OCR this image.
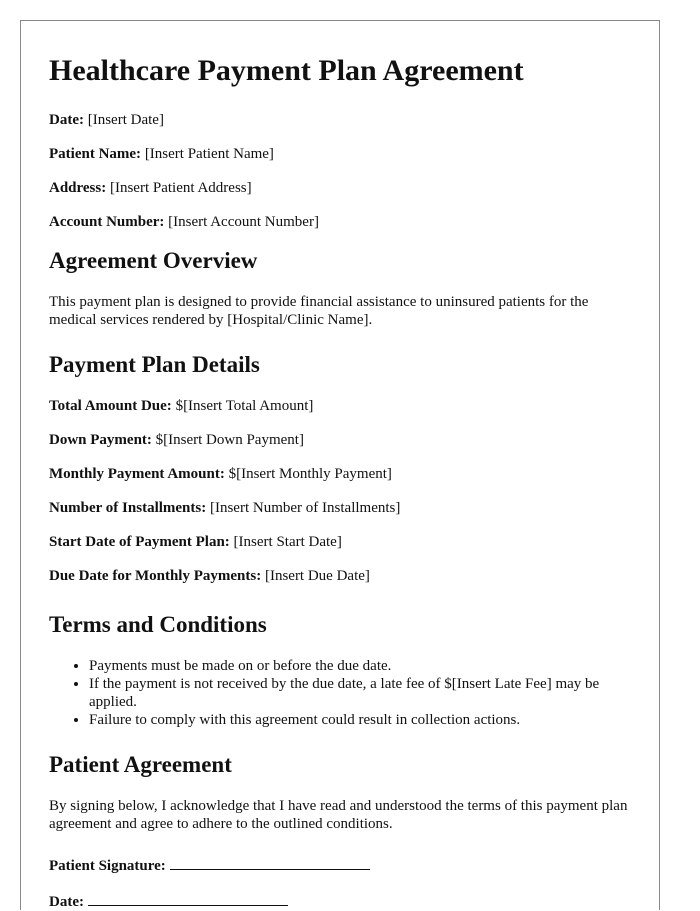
Healthcare Payment Plan Agreement
Date: [Insert Date]
Patient Name: [Insert Patient Name]
Address: [Insert Patient Address]
Account Number: [Insert Account Number]
Agreement Overview
This payment plan is designed to provide financial assistance to uninsured patients for the medical services rendered by [Hospital/Clinic Name].
Payment Plan Details
Total Amount Due: $[Insert Total Amount]
Down Payment: $[Insert Down Payment]
Monthly Payment Amount: $[Insert Monthly Payment]
Number of Installments: [Insert Number of Installments]
Start Date of Payment Plan: [Insert Start Date]
Due Date for Monthly Payments: [Insert Due Date]
Terms and Conditions
• Payments must be made on or before the due date.
• If the payment is not received by the due date, a late fee of $[Insert Late Fee] may be applied.
• Failure to comply with this agreement could result in collection actions.
Patient Agreement
By signing below, I acknowledge that I have read and understood the terms of this payment plan agreement and agree to adhere to the outlined conditions.
Patient Signature:
Date:
